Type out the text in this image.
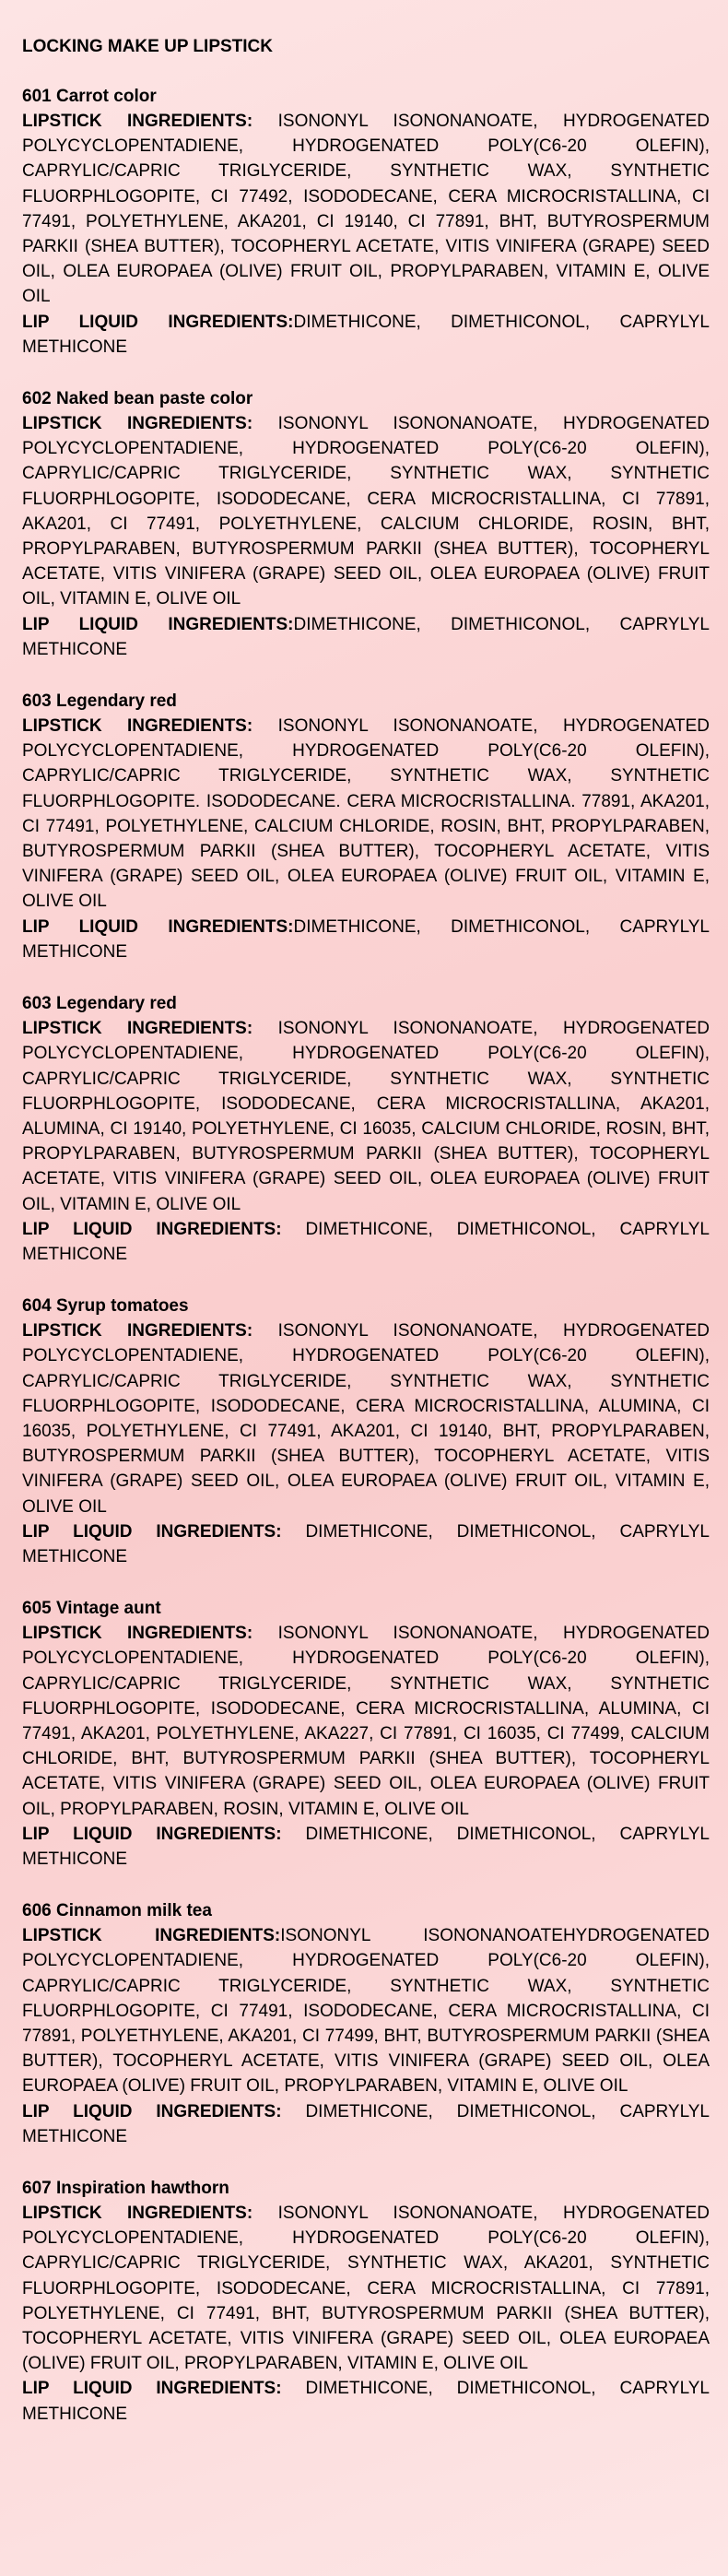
LOCKING MAKE UP LIPSTICK
601 Carrot color
LIPSTICK INGREDIENTS: ISONONYL ISONONANOATE, HYDROGENATED POLYCYCLOPENTADIENE, HYDROGENATED POLY(C6-20 OLEFIN), CAPRYLIC/CAPRIC TRIGLYCERIDE, SYNTHETIC WAX, SYNTHETIC FLUORPHLOGOPITE, CI 77492, ISODODECANE, CERA MICROCRISTALLINA, CI 77491, POLYETHYLENE, AKA201, CI 19140, CI 77891, BHT, BUTYROSPERMUM PARKII (SHEA BUTTER), TOCOPHERYL ACETATE, VITIS VINIFERA (GRAPE) SEED OIL, OLEA EUROPAEA (OLIVE) FRUIT OIL, PROPYLPARABEN, VITAMIN E, OLIVE OIL
LIP LIQUID INGREDIENTS:DIMETHICONE, DIMETHICONOL, CAPRYLYL METHICONE
602 Naked bean paste color
LIPSTICK INGREDIENTS: ISONONYL ISONONANOATE, HYDROGENATED POLYCYCLOPENTADIENE, HYDROGENATED POLY(C6-20 OLEFIN), CAPRYLIC/CAPRIC TRIGLYCERIDE, SYNTHETIC WAX, SYNTHETIC FLUORPHLOGOPITE, ISODODECANE, CERA MICROCRISTALLINA, CI 77891, AKA201, CI 77491, POLYETHYLENE, CALCIUM CHLORIDE, ROSIN, BHT, PROPYLPARABEN, BUTYROSPERMUM PARKII (SHEA BUTTER), TOCOPHERYL ACETATE, VITIS VINIFERA (GRAPE) SEED OIL, OLEA EUROPAEA (OLIVE) FRUIT OIL, VITAMIN E, OLIVE OIL
LIP LIQUID INGREDIENTS:DIMETHICONE, DIMETHICONOL, CAPRYLYL METHICONE
603 Legendary red
LIPSTICK INGREDIENTS: ISONONYL ISONONANOATE, HYDROGENATED POLYCYCLOPENTADIENE, HYDROGENATED POLY(C6-20 OLEFIN), CAPRYLIC/CAPRIC TRIGLYCERIDE, SYNTHETIC WAX, SYNTHETIC FLUORPHLOGOPITE. ISODODECANE. CERA MICROCRISTALLINA. 77891, AKA201, CI 77491, POLYETHYLENE, CALCIUM CHLORIDE, ROSIN, BHT, PROPYLPARABEN, BUTYROSPERMUM PARKII (SHEA BUTTER), TOCOPHERYL ACETATE, VITIS VINIFERA (GRAPE) SEED OIL, OLEA EUROPAEA (OLIVE) FRUIT OIL, VITAMIN E, OLIVE OIL
LIP LIQUID INGREDIENTS:DIMETHICONE, DIMETHICONOL, CAPRYLYL METHICONE
603 Legendary red
LIPSTICK INGREDIENTS: ISONONYL ISONONANOATE, HYDROGENATED POLYCYCLOPENTADIENE, HYDROGENATED POLY(C6-20 OLEFIN), CAPRYLIC/CAPRIC TRIGLYCERIDE, SYNTHETIC WAX, SYNTHETIC FLUORPHLOGOPITE, ISODODECANE, CERA MICROCRISTALLINA, AKA201, ALUMINA, CI 19140, POLYETHYLENE, CI 16035, CALCIUM CHLORIDE, ROSIN, BHT, PROPYLPARABEN, BUTYROSPERMUM PARKII (SHEA BUTTER), TOCOPHERYL ACETATE, VITIS VINIFERA (GRAPE) SEED OIL, OLEA EUROPAEA (OLIVE) FRUIT OIL, VITAMIN E, OLIVE OIL
LIP LIQUID INGREDIENTS: DIMETHICONE, DIMETHICONOL, CAPRYLYL METHICONE
604 Syrup tomatoes
LIPSTICK INGREDIENTS: ISONONYL ISONONANOATE, HYDROGENATED POLYCYCLOPENTADIENE, HYDROGENATED POLY(C6-20 OLEFIN), CAPRYLIC/CAPRIC TRIGLYCERIDE, SYNTHETIC WAX, SYNTHETIC FLUORPHLOGOPITE, ISODODECANE, CERA MICROCRISTALLINA, ALUMINA, CI 16035, POLYETHYLENE, CI 77491, AKA201, CI 19140, BHT, PROPYLPARABEN, BUTYROSPERMUM PARKII (SHEA BUTTER), TOCOPHERYL ACETATE, VITIS VINIFERA (GRAPE) SEED OIL, OLEA EUROPAEA (OLIVE) FRUIT OIL, VITAMIN E, OLIVE OIL
LIP LIQUID INGREDIENTS: DIMETHICONE, DIMETHICONOL, CAPRYLYL METHICONE
605 Vintage aunt
LIPSTICK INGREDIENTS: ISONONYL ISONONANOATE, HYDROGENATED POLYCYCLOPENTADIENE, HYDROGENATED POLY(C6-20 OLEFIN), CAPRYLIC/CAPRIC TRIGLYCERIDE, SYNTHETIC WAX, SYNTHETIC FLUORPHLOGOPITE, ISODODECANE, CERA MICROCRISTALLINA, ALUMINA, CI 77491, AKA201, POLYETHYLENE, AKA227, CI 77891, CI 16035, CI 77499, CALCIUM CHLORIDE, BHT, BUTYROSPERMUM PARKII (SHEA BUTTER), TOCOPHERYL ACETATE, VITIS VINIFERA (GRAPE) SEED OIL, OLEA EUROPAEA (OLIVE) FRUIT OIL, PROPYLPARABEN, ROSIN, VITAMIN E, OLIVE OIL
LIP LIQUID INGREDIENTS: DIMETHICONE, DIMETHICONOL, CAPRYLYL METHICONE
606 Cinnamon milk tea
LIPSTICK INGREDIENTS:ISONONYL ISONONANOATEHYDROGENATED POLYCYCLOPENTADIENE, HYDROGENATED POLY(C6-20 OLEFIN), CAPRYLIC/CAPRIC TRIGLYCERIDE, SYNTHETIC WAX, SYNTHETIC FLUORPHLOGOPITE, CI 77491, ISODODECANE, CERA MICROCRISTALLINA, CI 77891, POLYETHYLENE, AKA201, CI 77499, BHT, BUTYROSPERMUM PARKII (SHEA BUTTER), TOCOPHERYL ACETATE, VITIS VINIFERA (GRAPE) SEED OIL, OLEA EUROPAEA (OLIVE) FRUIT OIL, PROPYLPARABEN, VITAMIN E, OLIVE OIL
LIP LIQUID INGREDIENTS: DIMETHICONE, DIMETHICONOL, CAPRYLYL METHICONE
607 Inspiration hawthorn
LIPSTICK INGREDIENTS: ISONONYL ISONONANOATE, HYDROGENATED POLYCYCLOPENTADIENE, HYDROGENATED POLY(C6-20 OLEFIN), CAPRYLIC/CAPRIC TRIGLYCERIDE, SYNTHETIC WAX, AKA201, SYNTHETIC FLUORPHLOGOPITE, ISODODECANE, CERA MICROCRISTALLINA, CI 77891, POLYETHYLENE, CI 77491, BHT, BUTYROSPERMUM PARKII (SHEA BUTTER), TOCOPHERYL ACETATE, VITIS VINIFERA (GRAPE) SEED OIL, OLEA EUROPAEA (OLIVE) FRUIT OIL, PROPYLPARABEN, VITAMIN E, OLIVE OIL
LIP LIQUID INGREDIENTS: DIMETHICONE, DIMETHICONOL, CAPRYLYL METHICONE
